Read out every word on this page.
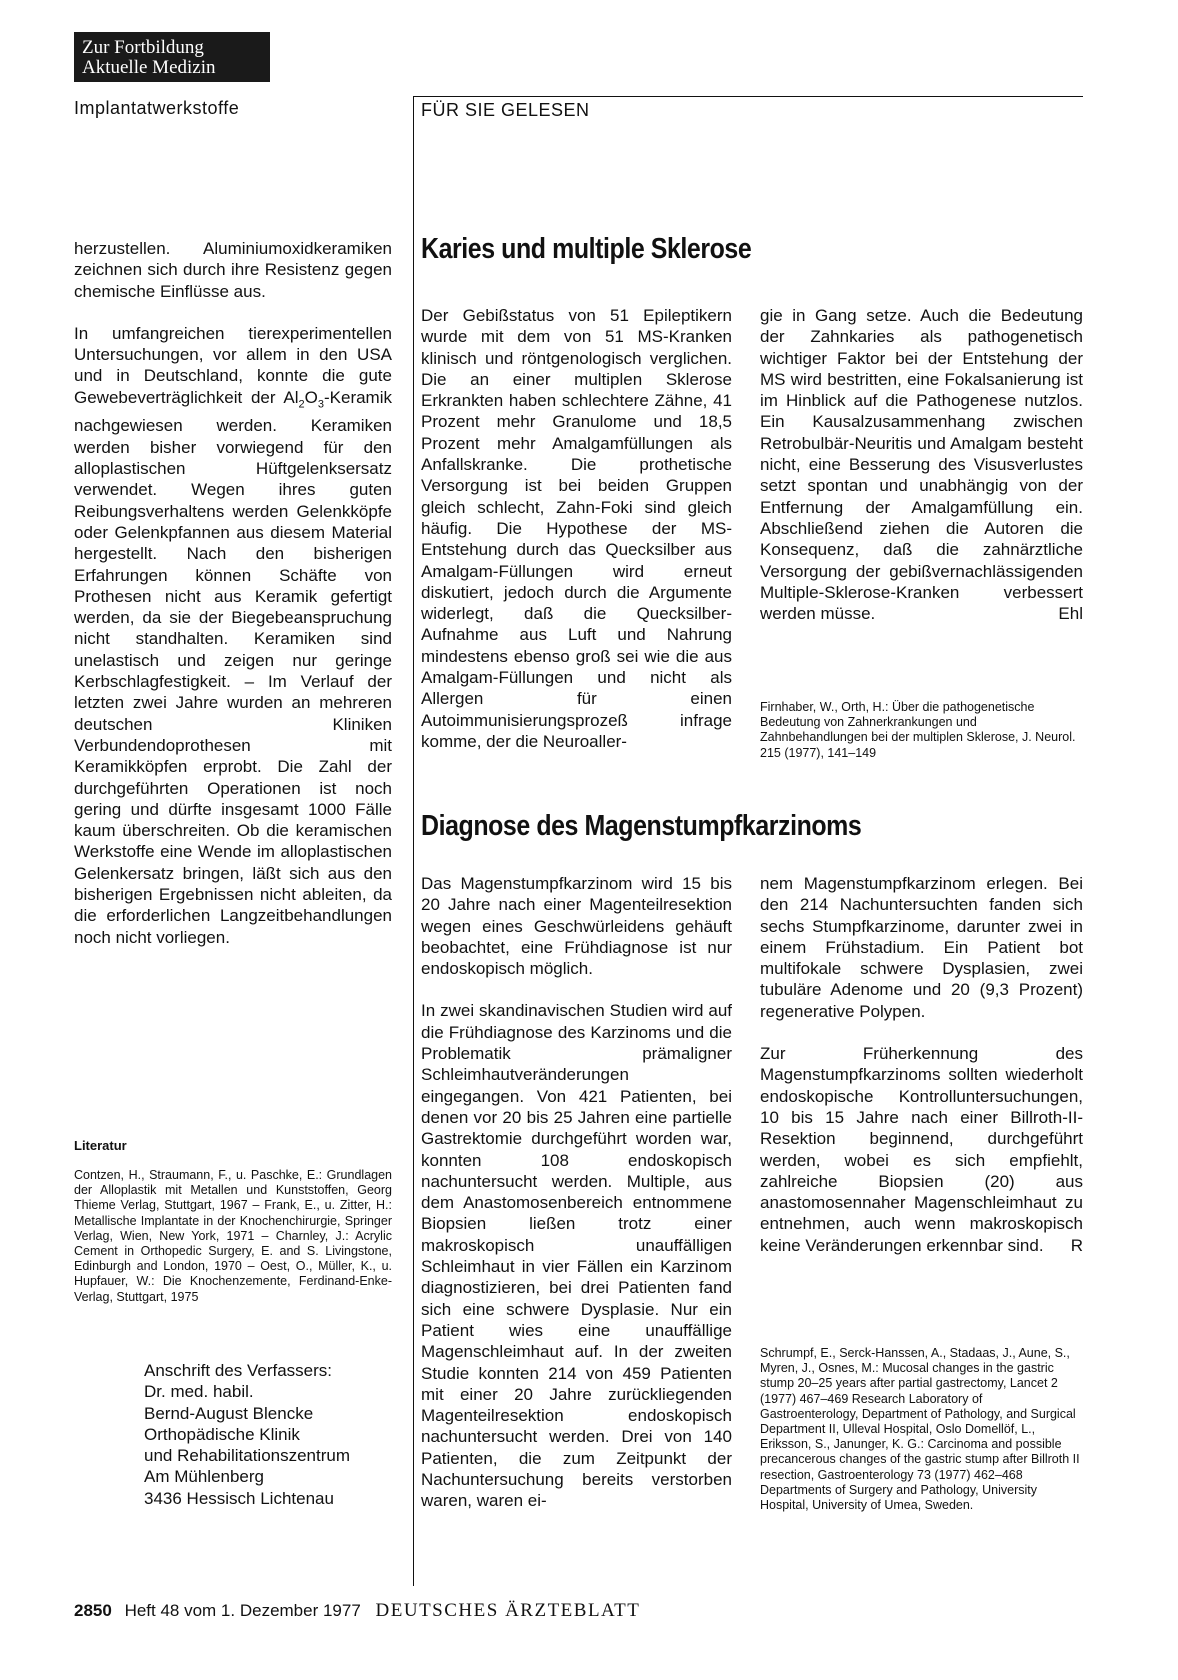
Zur Fortbildung
Aktuelle Medizin
Implantatwerkstoffe	FÜR SIE GELESEN

herzustellen. Aluminiumoxidkeramiken zeichnen sich durch ihre Resistenz gegen chemische Einflüsse aus.

In umfangreichen tierexperimentellen Untersuchungen, vor allem in den USA und in Deutschland, konnte die gute Gewebeverträglichkeit der $Al_2O_3$-Keramik nachgewiesen werden. Keramiken werden bisher vorwiegend für den alloplastischen Hüftgelenksersatz verwendet. Wegen ihres guten Reibungsverhaltens werden Gelenkköpfe oder Gelenkpfannen aus diesem Material hergestellt. Nach den bisherigen Erfahrungen können Schäfte von Prothesen nicht aus Keramik gefertigt werden, da sie der Biegebeanspruchung nicht standhalten. Keramiken sind unelastisch und zeigen nur geringe Kerbschlagfestigkeit. – Im Verlauf der letzten zwei Jahre wurden an mehreren deutschen Kliniken Verbundendoprothesen mit Keramikköpfen erprobt. Die Zahl der durchgeführten Operationen ist noch gering und dürfte insgesamt 1000 Fälle kaum überschreiten. Ob die keramischen Werkstoffe eine Wende im alloplastischen Gelenkersatz bringen, läßt sich aus den bisherigen Ergebnissen nicht ableiten, da die erforderlichen Langzeitbehandlungen noch nicht vorliegen.

Literatur
Contzen, H., Straumann, F., u. Paschke, E.: Grundlagen der Alloplastik mit Metallen und Kunststoffen, Georg Thieme Verlag, Stuttgart, 1967 – Frank, E., u. Zitter, H.: Metallische Implantate in der Knochenchirurgie, Springer Verlag, Wien, New York, 1971 – Charnley, J.: Acrylic Cement in Orthopedic Surgery, E. and S. Livingstone, Edinburgh and London, 1970 – Oest, O., Müller, K., u. Hupfauer, W.: Die Knochenzemente, Ferdinand-Enke-Verlag, Stuttgart, 1975
Anschrift des Verfassers:
Dr. med. habil.
Bernd-August Blencke
Orthopädische Klinik
und Rehabilitationszentrum
Am Mühlenberg
3436 Hessisch Lichtenau
Karies und multiple Sklerose
Der Gebißstatus von 51 Epileptikern wurde mit dem von 51 MS-Kranken klinisch und röntgenologisch verglichen. Die an einer multiplen Sklerose Erkrankten haben schlechtere Zähne, 41 Prozent mehr Granulome und 18,5 Prozent mehr Amalgamfüllungen als Anfallskranke. Die prothetische Versorgung ist bei beiden Gruppen gleich schlecht, Zahn-Foki sind gleich häufig. Die Hypothese der MS-Entstehung durch das Quecksilber aus Amalgam-Füllungen wird erneut diskutiert, jedoch durch die Argumente widerlegt, daß die Quecksilber-Aufnahme aus Luft und Nahrung mindestens ebenso groß sei wie die aus Amalgam-Füllungen und nicht als Allergen für einen Autoimmunisierungsprozeß infrage komme, der die Neuroaller-
gie in Gang setze. Auch die Bedeutung der Zahnkaries als pathogenetisch wichtiger Faktor bei der Entstehung der MS wird bestritten, eine Fokalsanierung ist im Hinblick auf die Pathogenese nutzlos. Ein Kausalzusammenhang zwischen Retrobulbär-Neuritis und Amalgam besteht nicht, eine Besserung des Visusverlustes setzt spontan und unabhängig von der Entfernung der Amalgamfüllung ein. Abschließend ziehen die Autoren die Konsequenz, daß die zahnärztliche Versorgung der gebißvernachlässigenden Multiple-Sklerose-Kranken verbessert werden müsse.	Ehl
Firnhaber, W., Orth, H.: Über die pathogenetische Bedeutung von Zahnerkrankungen und Zahnbehandlungen bei der multiplen Sklerose, J. Neurol. 215 (1977), 141–149
Diagnose des Magenstumpfkarzinoms

Das Magenstumpfkarzinom wird 15 bis 20 Jahre nach einer Magenteilresektion wegen eines Geschwürleidens gehäuft beobachtet, eine Frühdiagnose ist nur endoskopisch möglich.

In zwei skandinavischen Studien wird auf die Frühdiagnose des Karzinoms und die Problematik prämaligner Schleimhautveränderungen eingegangen. Von 421 Patienten, bei denen vor 20 bis 25 Jahren eine partielle Gastrektomie durchgeführt worden war, konnten 108 endoskopisch nachuntersucht werden. Multiple, aus dem Anastomosenbereich entnommene Biopsien ließen trotz einer makroskopisch unauffälligen Schleimhaut in vier Fällen ein Karzinom diagnostizieren, bei drei Patienten fand sich eine schwere Dysplasie. Nur ein Patient wies eine unauffällige Magenschleimhaut auf. In der zweiten Studie konnten 214 von 459 Patienten mit einer 20 Jahre zurückliegenden Magenteilresektion endoskopisch nachuntersucht werden. Drei von 140 Patienten, die zum Zeitpunkt der Nachuntersuchung bereits verstorben waren, waren ei-

nem Magenstumpfkarzinom erlegen. Bei den 214 Nachuntersuchten fanden sich sechs Stumpfkarzinome, darunter zwei in einem Frühstadium. Ein Patient bot multifokale schwere Dysplasien, zwei tubuläre Adenome und 20 (9,3 Prozent) regenerative Polypen.

Zur Früherkennung des Magenstumpfkarzinoms sollten wiederholt endoskopische Kontrolluntersuchungen, 10 bis 15 Jahre nach einer Billroth-II-Resektion beginnend, durchgeführt werden, wobei es sich empfiehlt, zahlreiche Biopsien (20) aus anastomosennaher Magenschleimhaut zu entnehmen, auch wenn makroskopisch keine Veränderungen erkennbar sind. R

Schrumpf, E., Serck-Hanssen, A., Stadaas, J., Aune, S., Myren, J., Osnes, M.: Mucosal changes in the gastric stump 20–25 years after partial gastrectomy, Lancet 2 (1977) 467–469 Research Laboratory of Gastroenterology, Department of Pathology, and Surgical Department II, Ulleval Hospital, Oslo Domellöf, L., Eriksson, S., Janunger, K. G.: Carcinoma and possible precancerous changes of the gastric stump after Billroth II resection, Gastroenterology 73 (1977) 462–468 Departments of Surgery and Pathology, University Hospital, University of Umea, Sweden.
2850 Heft 48 vom 1. Dezember 1977 DEUTSCHES ÄRZTEBLATT
